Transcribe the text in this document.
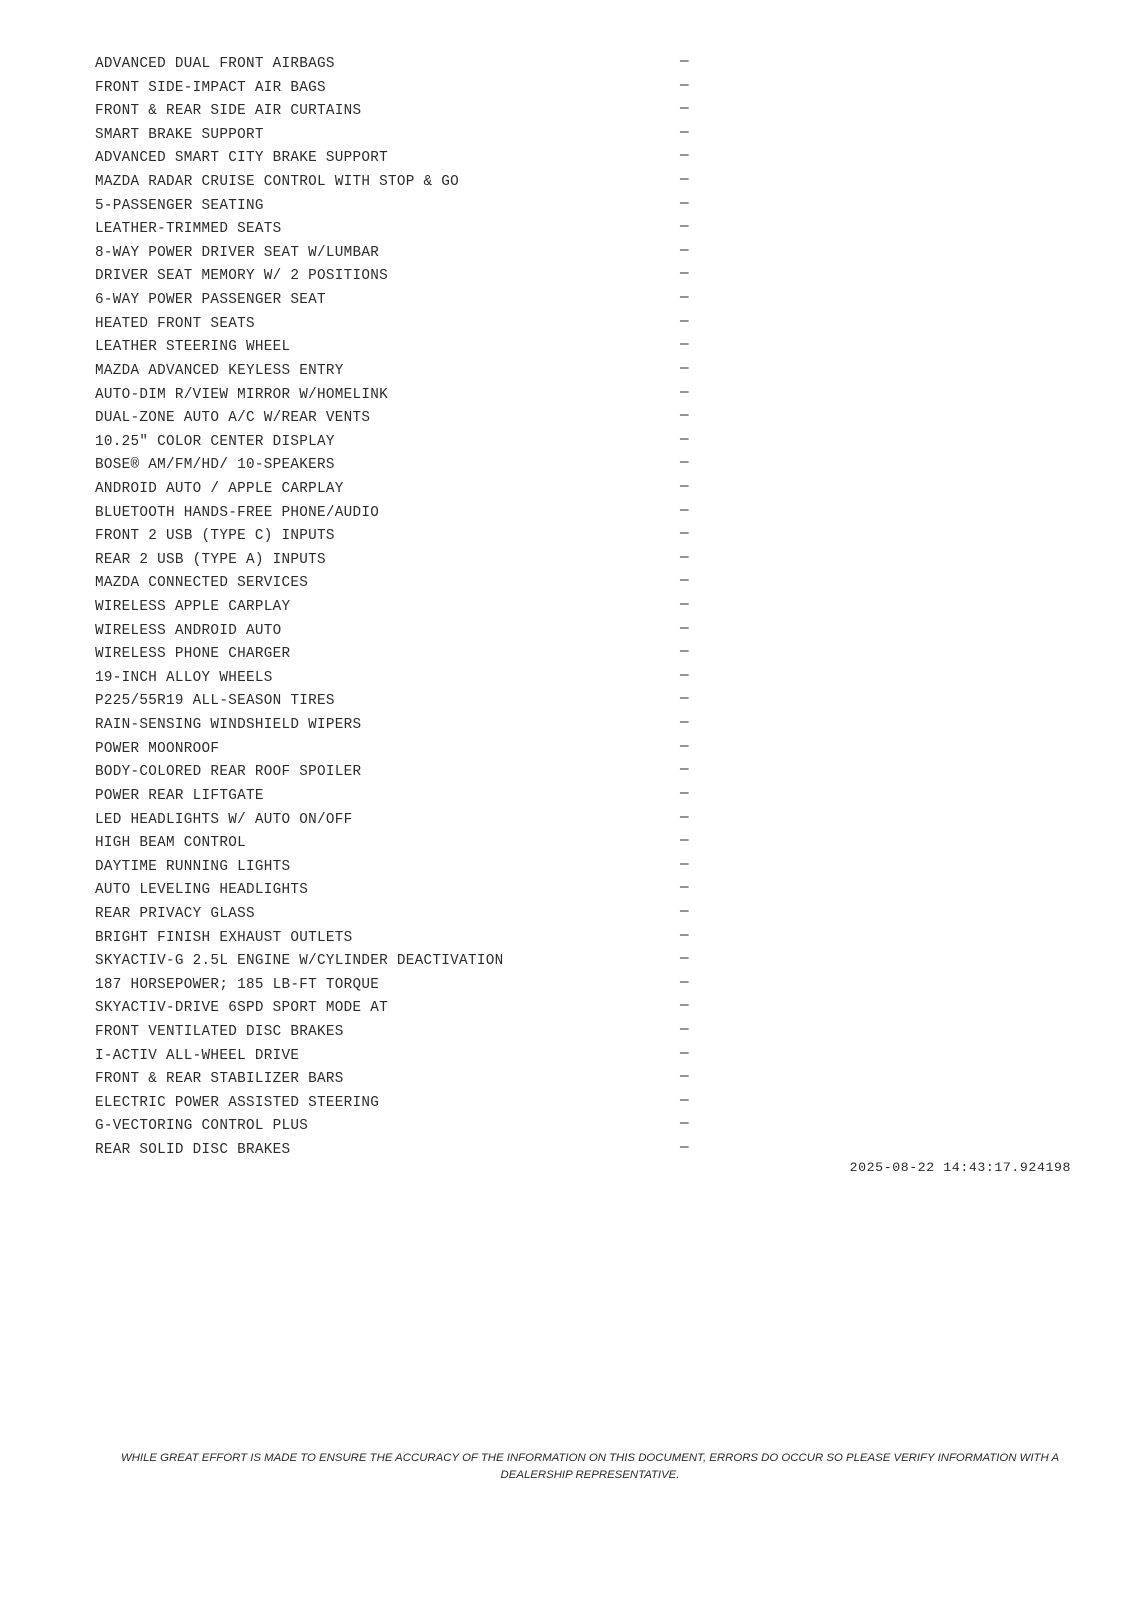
ADVANCED DUAL FRONT AIRBAGS	—
FRONT SIDE-IMPACT AIR BAGS	—
FRONT & REAR SIDE AIR CURTAINS	—
SMART BRAKE SUPPORT	—
ADVANCED SMART CITY BRAKE SUPPORT	—
MAZDA RADAR CRUISE CONTROL WITH STOP & GO	—
5-PASSENGER SEATING	—
LEATHER-TRIMMED SEATS	—
8-WAY POWER DRIVER SEAT W/LUMBAR	—
DRIVER SEAT MEMORY W/ 2 POSITIONS	—
6-WAY POWER PASSENGER SEAT	—
HEATED FRONT SEATS	—
LEATHER STEERING WHEEL	—
MAZDA ADVANCED KEYLESS ENTRY	—
AUTO-DIM R/VIEW MIRROR W/HOMELINK	—
DUAL-ZONE AUTO A/C W/REAR VENTS	—
10.25" COLOR CENTER DISPLAY	—
BOSE® AM/FM/HD/ 10-SPEAKERS	—
ANDROID AUTO / APPLE CARPLAY	—
BLUETOOTH HANDS-FREE PHONE/AUDIO	—
FRONT 2 USB (TYPE C) INPUTS	—
REAR 2 USB (TYPE A) INPUTS	—
MAZDA CONNECTED SERVICES	—
WIRELESS APPLE CARPLAY	—
WIRELESS ANDROID AUTO	—
WIRELESS PHONE CHARGER	—
19-INCH ALLOY WHEELS	—
P225/55R19 ALL-SEASON TIRES	—
RAIN-SENSING WINDSHIELD WIPERS	—
POWER MOONROOF	—
BODY-COLORED REAR ROOF SPOILER	—
POWER REAR LIFTGATE	—
LED HEADLIGHTS W/ AUTO ON/OFF	—
HIGH BEAM CONTROL	—
DAYTIME RUNNING LIGHTS	—
AUTO LEVELING HEADLIGHTS	—
REAR PRIVACY GLASS	—
BRIGHT FINISH EXHAUST OUTLETS	—
SKYACTIV-G 2.5L ENGINE W/CYLINDER DEACTIVATION	—
187 HORSEPOWER; 185 LB-FT TORQUE	—
SKYACTIV-DRIVE 6SPD SPORT MODE AT	—
FRONT VENTILATED DISC BRAKES	—
I-ACTIV ALL-WHEEL DRIVE	—
FRONT & REAR STABILIZER BARS	—
ELECTRIC POWER ASSISTED STEERING	—
G-VECTORING CONTROL PLUS	—
REAR SOLID DISC BRAKES	—
2025-08-22 14:43:17.924198
WHILE GREAT EFFORT IS MADE TO ENSURE THE ACCURACY OF THE INFORMATION ON THIS DOCUMENT, ERRORS DO OCCUR SO PLEASE VERIFY INFORMATION WITH A DEALERSHIP REPRESENTATIVE.
